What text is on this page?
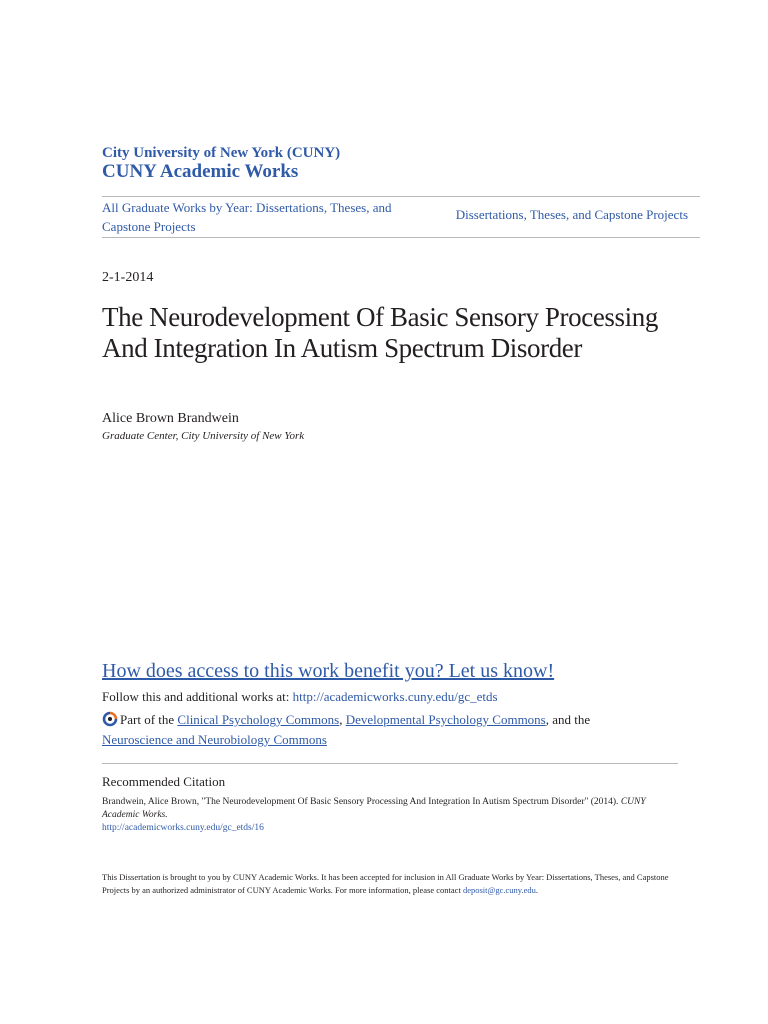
City University of New York (CUNY)
CUNY Academic Works
All Graduate Works by Year: Dissertations, Theses, and Capstone Projects
Dissertations, Theses, and Capstone Projects
2-1-2014
The Neurodevelopment Of Basic Sensory Processing And Integration In Autism Spectrum Disorder
Alice Brown Brandwein
Graduate Center, City University of New York
How does access to this work benefit you? Let us know!
Follow this and additional works at: http://academicworks.cuny.edu/gc_etds
Part of the Clinical Psychology Commons, Developmental Psychology Commons, and the
Neuroscience and Neurobiology Commons
Recommended Citation
Brandwein, Alice Brown, "The Neurodevelopment Of Basic Sensory Processing And Integration In Autism Spectrum Disorder" (2014). CUNY Academic Works.
http://academicworks.cuny.edu/gc_etds/16
This Dissertation is brought to you by CUNY Academic Works. It has been accepted for inclusion in All Graduate Works by Year: Dissertations, Theses, and Capstone Projects by an authorized administrator of CUNY Academic Works. For more information, please contact deposit@gc.cuny.edu.
